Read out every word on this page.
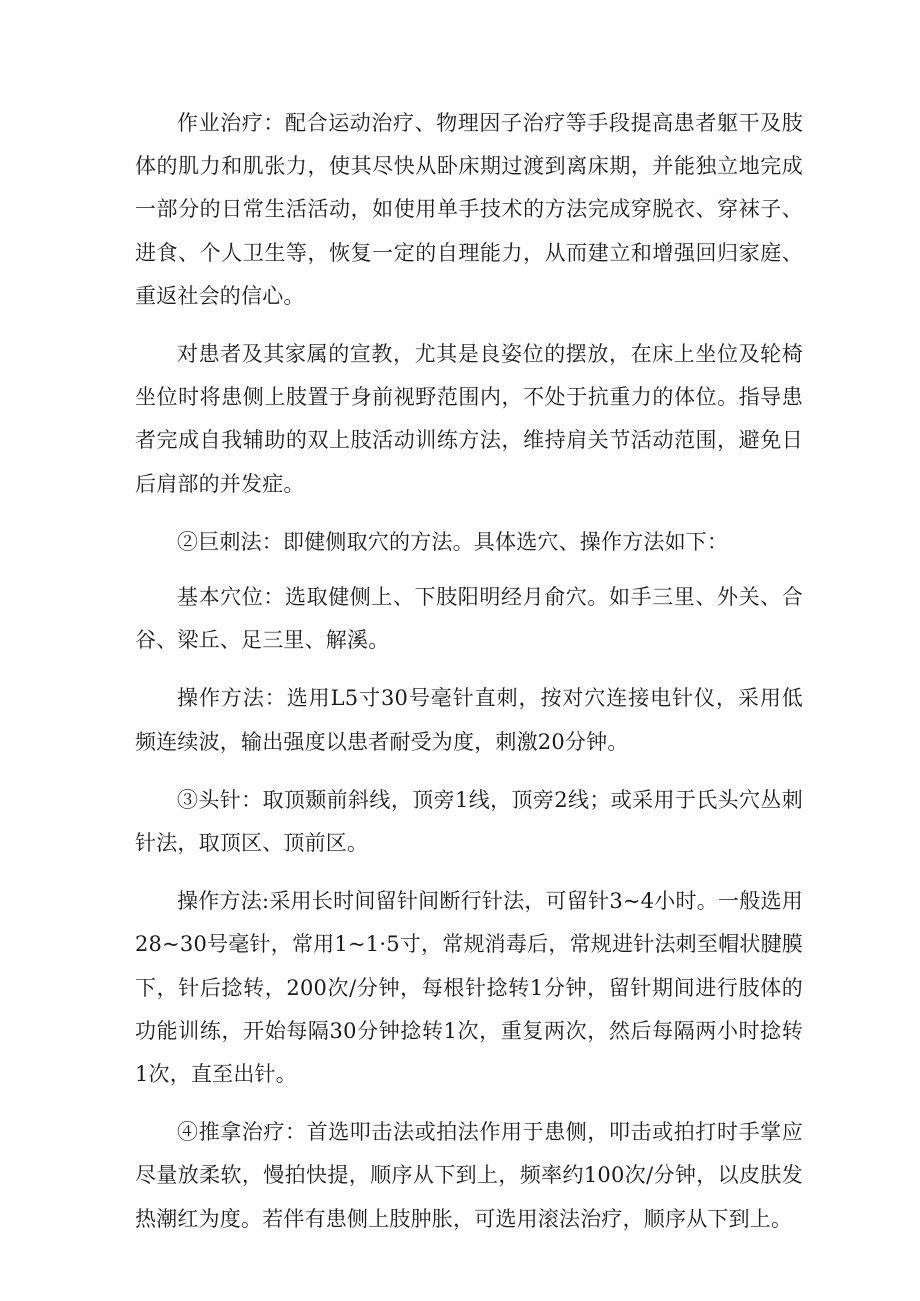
作业治疗：配合运动治疗、物理因子治疗等手段提高患者躯干及肢体的肌力和肌张力，使其尽快从卧床期过渡到离床期，并能独立地完成一部分的日常生活活动，如使用单手技术的方法完成穿脱衣、穿袜子、进食、个人卫生等，恢复一定的自理能力，从而建立和增强回归家庭、重返社会的信心。

对患者及其家属的宣教，尤其是良姿位的摆放，在床上坐位及轮椅坐位时将患侧上肢置于身前视野范围内，不处于抗重力的体位。指导患者完成自我辅助的双上肢活动训练方法，维持肩关节活动范围，避免日后肩部的并发症。

②巨刺法：即健侧取穴的方法。具体选穴、操作方法如下：

基本穴位：选取健侧上、下肢阳明经月俞穴。如手三里、外关、合谷、梁丘、足三里、解溪。

操作方法：选用L5寸30号毫针直刺，按对穴连接电针仪，采用低频连续波，输出强度以患者耐受为度，刺激20分钟。

③头针：取顶颞前斜线，顶旁1线，顶旁2线；或采用于氏头穴丛刺针法，取顶区、顶前区。

操作方法:采用长时间留针间断行针法，可留针3~4小时。一般选用28~30号毫针，常用1~1·5寸，常规消毒后，常规进针法刺至帽状腱膜下，针后捻转，200次/分钟，每根针捻转1分钟，留针期间进行肢体的功能训练，开始每隔30分钟捻转1次，重复两次，然后每隔两小时捻转1次，直至出针。

④推拿治疗：首选叩击法或拍法作用于患侧，叩击或拍打时手掌应尽量放柔软，慢拍快提，顺序从下到上，频率约100次/分钟，以皮肤发热潮红为度。若伴有患侧上肢肿胀，可选用滚法治疗，顺序从下到上。
